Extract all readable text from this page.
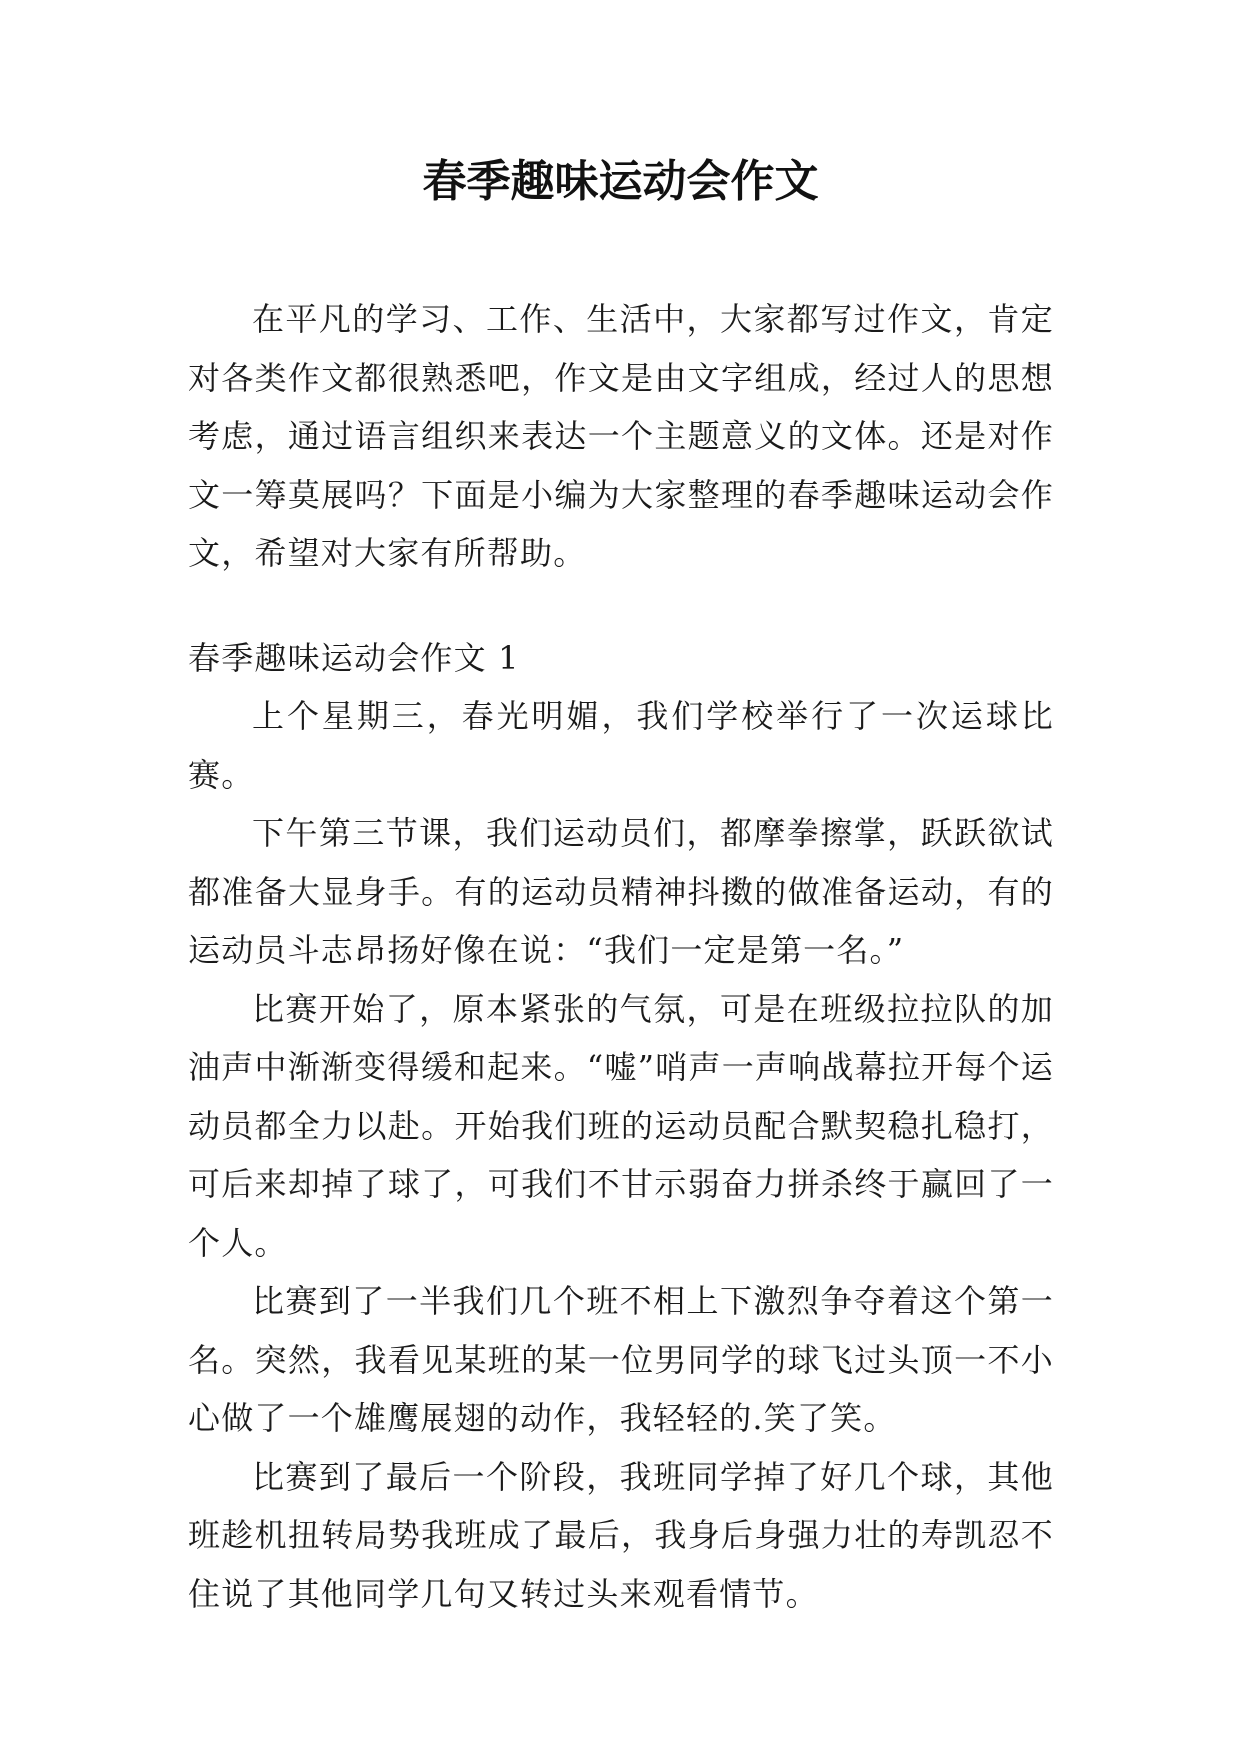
春季趣味运动会作文

在平凡的学习、工作、生活中，大家都写过作文，肯定对各类作文都很熟悉吧，作文是由文字组成，经过人的思想考虑，通过语言组织来表达一个主题意义的文体。还是对作文一筹莫展吗？下面是小编为大家整理的春季趣味运动会作文，希望对大家有所帮助。

春季趣味运动会作文 1

上个星期三，春光明媚，我们学校举行了一次运球比赛。

下午第三节课，我们运动员们，都摩拳擦掌，跃跃欲试都准备大显身手。有的运动员精神抖擞的做准备运动，有的运动员斗志昂扬好像在说：“我们一定是第一名。”

比赛开始了，原本紧张的气氛，可是在班级拉拉队的加油声中渐渐变得缓和起来。“嘘”哨声一声响战幕拉开每个运动员都全力以赴。开始我们班的运动员配合默契稳扎稳打，可后来却掉了球了，可我们不甘示弱奋力拼杀终于赢回了一个人。

比赛到了一半我们几个班不相上下激烈争夺着这个第一名。突然，我看见某班的某一位男同学的球飞过头顶一不小心做了一个雄鹰展翅的动作，我轻轻的.笑了笑。

比赛到了最后一个阶段，我班同学掉了好几个球，其他班趁机扭转局势我班成了最后，我身后身强力壮的寿凯忍不住说了其他同学几句又转过头来观看情节。
